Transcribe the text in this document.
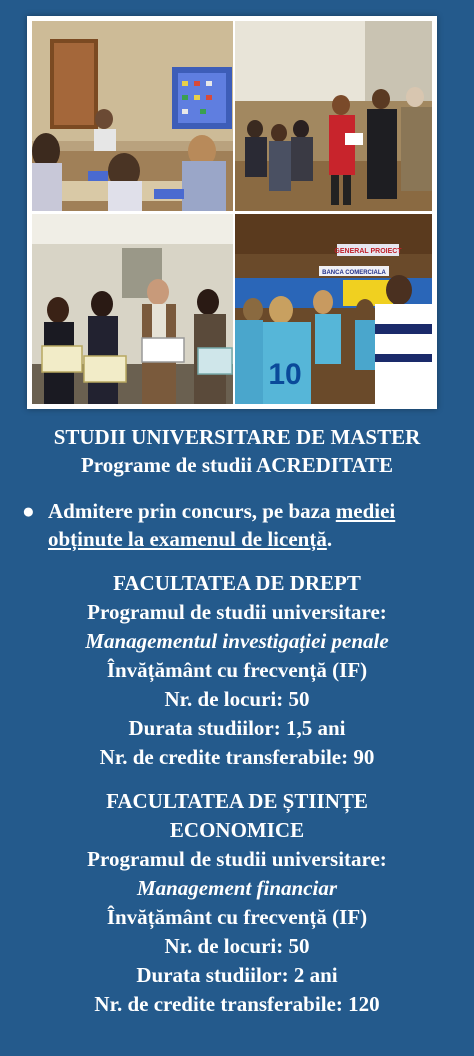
GENERAL PROIECT
BANCA COMERCIALA
10
STUDII UNIVERSITARE DE MASTER
Programe de studii ACREDITATE
● Admitere prin concurs, pe baza mediei
obținute la examenul de licență.
FACULTATEA DE DREPT
Programul de studii universitare:
Managementul investigației penale
Învățământ cu frecvență (IF)
Nr. de locuri: 50
Durata studiilor: 1,5 ani
Nr. de credite transferabile: 90
FACULTATEA DE ȘTIINȚE
ECONOMICE
Programul de studii universitare:
Management financiar
Învățământ cu frecvență (IF)
Nr. de locuri: 50
Durata studiilor: 2 ani
Nr. de credite transferabile: 120
